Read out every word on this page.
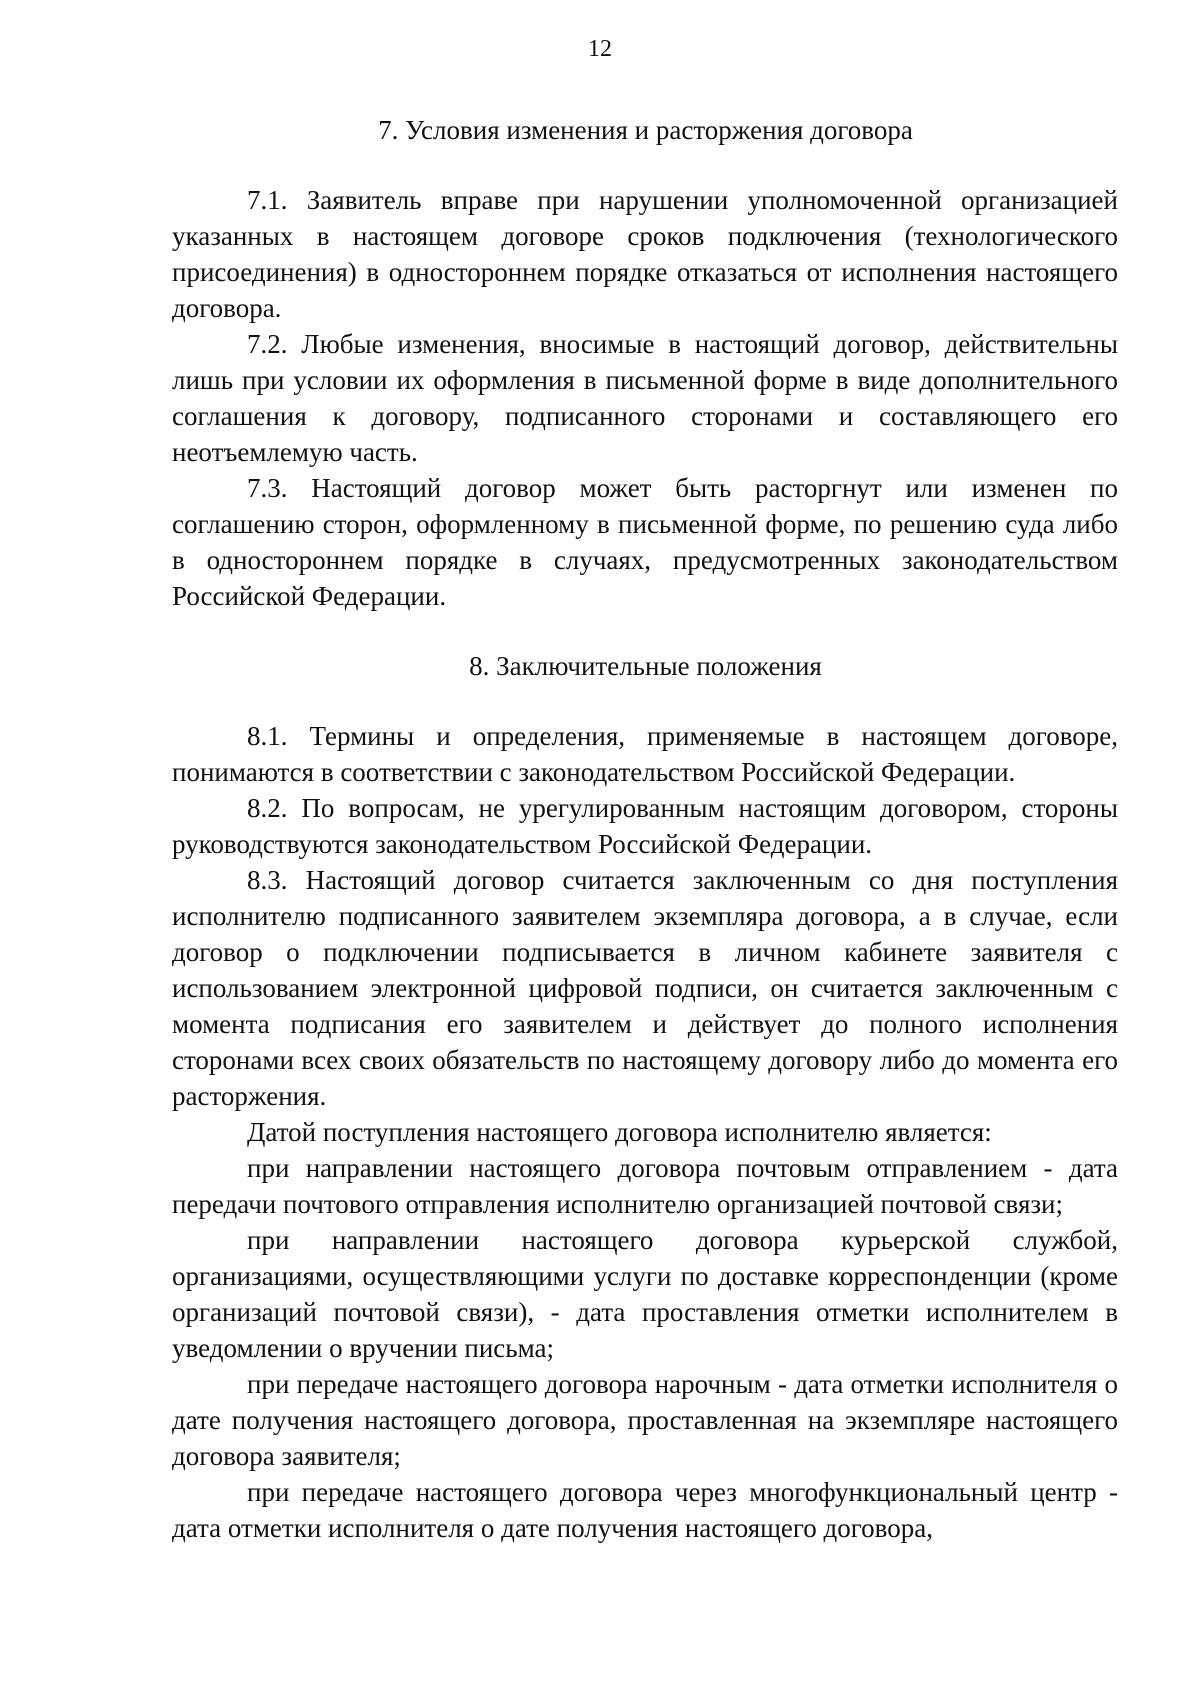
12

7. Условия изменения и расторжения договора

7.1. Заявитель вправе при нарушении уполномоченной организацией указанных в настоящем договоре сроков подключения (технологического присоединения) в одностороннем порядке отказаться от исполнения настоящего договора.

7.2. Любые изменения, вносимые в настоящий договор, действительны лишь при условии их оформления в письменной форме в виде дополнительного соглашения к договору, подписанного сторонами и составляющего его неотъемлемую часть.

7.3. Настоящий договор может быть расторгнут или изменен по соглашению сторон, оформленному в письменной форме, по решению суда либо в одностороннем порядке в случаях, предусмотренных законодательством Российской Федерации.

8. Заключительные положения

8.1. Термины и определения, применяемые в настоящем договоре, понимаются в соответствии с законодательством Российской Федерации.

8.2. По вопросам, не урегулированным настоящим договором, стороны руководствуются законодательством Российской Федерации.

8.3. Настоящий договор считается заключенным со дня поступления исполнителю подписанного заявителем экземпляра договора, а в случае, если договор о подключении подписывается в личном кабинете заявителя с использованием электронной цифровой подписи, он считается заключенным с момента подписания его заявителем и действует до полного исполнения сторонами всех своих обязательств по настоящему договору либо до момента его расторжения.

Датой поступления настоящего договора исполнителю является:

при направлении настоящего договора почтовым отправлением - дата передачи почтового отправления исполнителю организацией почтовой связи;

при направлении настоящего договора курьерской службой, организациями, осуществляющими услуги по доставке корреспонденции (кроме организаций почтовой связи), - дата проставления отметки исполнителем в уведомлении о вручении письма;

при передаче настоящего договора нарочным - дата отметки исполнителя о дате получения настоящего договора, проставленная на экземпляре настоящего договора заявителя;

при передаче настоящего договора через многофункциональный центр - дата отметки исполнителя о дате получения настоящего договора,
